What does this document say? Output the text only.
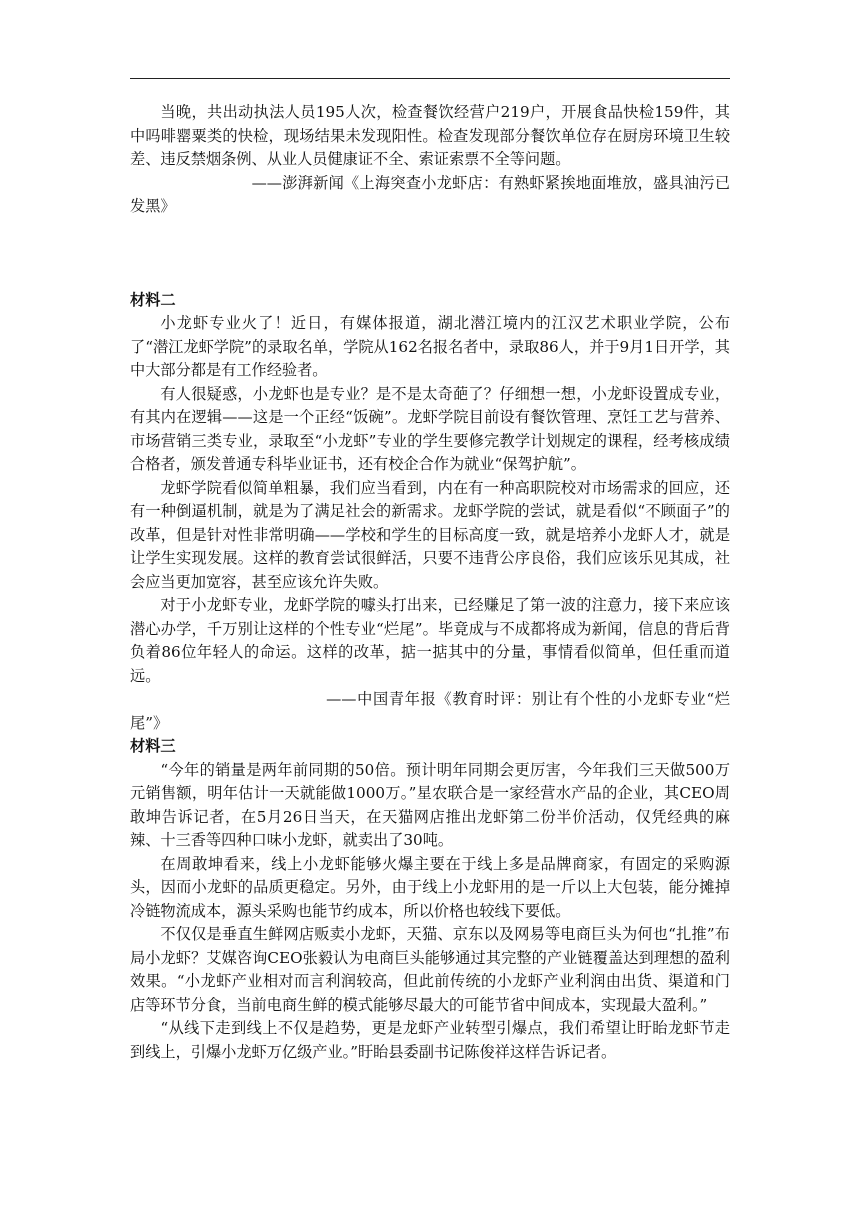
当晚，共出动执法人员195人次，检查餐饮经营户219户，开展食品快检159件，其中吗啡罂粟类的快检，现场结果未发现阳性。检查发现部分餐饮单位存在厨房环境卫生较差、违反禁烟条例、从业人员健康证不全、索证索票不全等问题。

——澎湃新闻《上海突查小龙虾店：有熟虾紧挨地面堆放，盛具油污已发黑》

材料二

小龙虾专业火了！近日，有媒体报道，湖北潜江境内的江汉艺术职业学院，公布了“潜江龙虾学院”的录取名单，学院从162名报名者中，录取86人，并于9月1日开学，其中大部分都是有工作经验者。

有人很疑惑，小龙虾也是专业？是不是太奇葩了？仔细想一想，小龙虾设置成专业，有其内在逻辑——这是一个正经“饭碗”。龙虾学院目前设有餐饮管理、烹饪工艺与营养、市场营销三类专业，录取至“小龙虾”专业的学生要修完教学计划规定的课程，经考核成绩合格者，颁发普通专科毕业证书，还有校企合作为就业“保驾护航”。

龙虾学院看似简单粗暴，我们应当看到，内在有一种高职院校对市场需求的回应，还有一种倒逼机制，就是为了满足社会的新需求。龙虾学院的尝试，就是看似“不顾面子”的改革，但是针对性非常明确——学校和学生的目标高度一致，就是培养小龙虾人才，就是让学生实现发展。这样的教育尝试很鲜活，只要不违背公序良俗，我们应该乐见其成，社会应当更加宽容，甚至应该允许失败。

对于小龙虾专业，龙虾学院的噱头打出来，已经赚足了第一波的注意力，接下来应该潜心办学，千万别让这样的个性专业“烂尾”。毕竟成与不成都将成为新闻，信息的背后背负着86位年轻人的命运。这样的改革，掂一掂其中的分量，事情看似简单，但任重而道远。

——中国青年报《教育时评：别让有个性的小龙虾专业“烂尾”》

材料三

“今年的销量是两年前同期的50倍。预计明年同期会更厉害，今年我们三天做500万元销售额，明年估计一天就能做1000万。”星农联合是一家经营水产品的企业，其CEO周敢坤告诉记者，在5月26日当天，在天猫网店推出龙虾第二份半价活动，仅凭经典的麻辣、十三香等四种口味小龙虾，就卖出了30吨。

在周敢坤看来，线上小龙虾能够火爆主要在于线上多是品牌商家，有固定的采购源头，因而小龙虾的品质更稳定。另外，由于线上小龙虾用的是一斤以上大包装，能分摊掉冷链物流成本，源头采购也能节约成本，所以价格也较线下要低。

不仅仅是垂直生鲜网店贩卖小龙虾，天猫、京东以及网易等电商巨头为何也“扎推”布局小龙虾？艾媒咨询CEO张毅认为电商巨头能够通过其完整的产业链覆盖达到理想的盈利效果。“小龙虾产业相对而言利润较高，但此前传统的小龙虾产业利润由出货、渠道和门店等环节分食，当前电商生鲜的模式能够尽最大的可能节省中间成本，实现最大盈利。”

“从线下走到线上不仅是趋势，更是龙虾产业转型引爆点，我们希望让盱眙龙虾节走到线上，引爆小龙虾万亿级产业。”盱眙县委副书记陈俊祥这样告诉记者。
